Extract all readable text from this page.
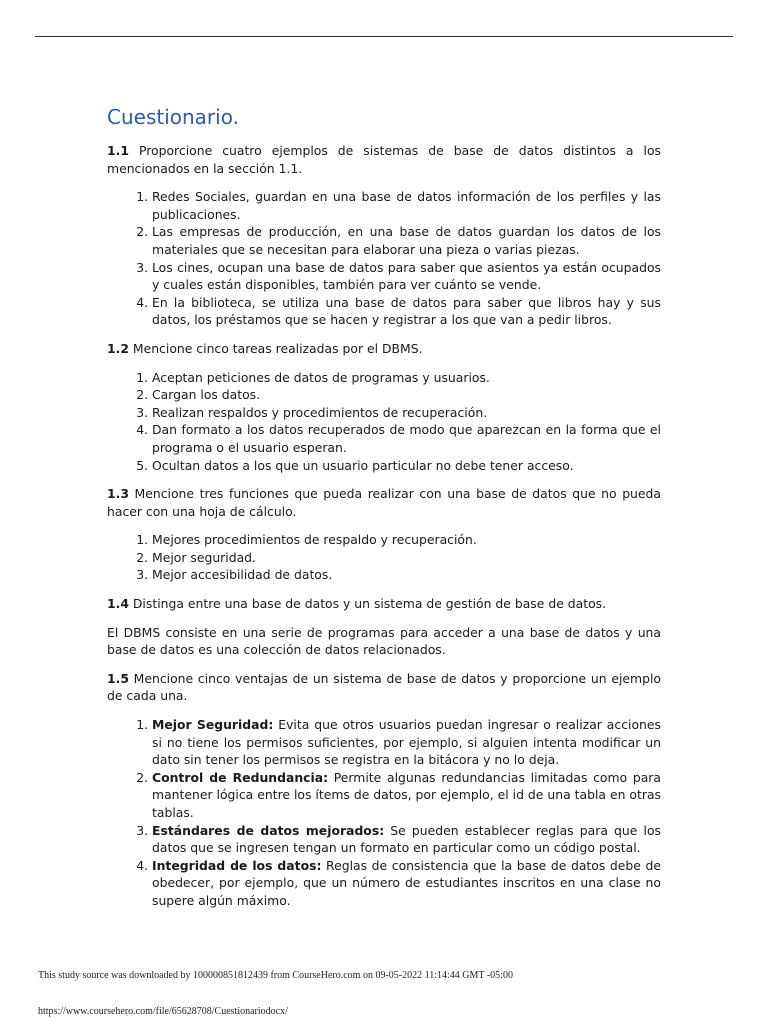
Cuestionario.

1.1 Proporcione cuatro ejemplos de sistemas de base de datos distintos a los mencionados en la sección 1.1.

1. Redes Sociales, guardan en una base de datos información de los perfiles y las publicaciones.
2. Las empresas de producción, en una base de datos guardan los datos de los materiales que se necesitan para elaborar una pieza o varias piezas.
3. Los cines, ocupan una base de datos para saber que asientos ya están ocupados y cuales están disponibles, también para ver cuánto se vende.
4. En la biblioteca, se utiliza una base de datos para saber que libros hay y sus datos, los préstamos que se hacen y registrar a los que van a pedir libros.

1.2 Mencione cinco tareas realizadas por el DBMS.

1. Aceptan peticiones de datos de programas y usuarios.
2. Cargan los datos.
3. Realizan respaldos y procedimientos de recuperación.
4. Dan formato a los datos recuperados de modo que aparezcan en la forma que el programa o el usuario esperan.
5. Ocultan datos a los que un usuario particular no debe tener acceso.

1.3 Mencione tres funciones que pueda realizar con una base de datos que no pueda hacer con una hoja de cálculo.

1. Mejores procedimientos de respaldo y recuperación.
2. Mejor seguridad.
3. Mejor accesibilidad de datos.

1.4 Distinga entre una base de datos y un sistema de gestión de base de datos.

El DBMS consiste en una serie de programas para acceder a una base de datos y una base de datos es una colección de datos relacionados.

1.5 Mencione cinco ventajas de un sistema de base de datos y proporcione un ejemplo de cada una.

1. Mejor Seguridad: Evita que otros usuarios puedan ingresar o realizar acciones si no tiene los permisos suficientes, por ejemplo, si alguien intenta modificar un dato sin tener los permisos se registra en la bitácora y no lo deja.
2. Control de Redundancia: Permite algunas redundancias limitadas como para mantener lógica entre los ítems de datos, por ejemplo, el id de una tabla en otras tablas.
3. Estándares de datos mejorados: Se pueden establecer reglas para que los datos que se ingresen tengan un formato en particular como un código postal.
4. Integridad de los datos: Reglas de consistencia que la base de datos debe de obedecer, por ejemplo, que un número de estudiantes inscritos en una clase no supere algún máximo.
This study source was downloaded by 100000851812439 from CourseHero.com on 09-05-2022 11:14:44 GMT -05:00
https://www.coursehero.com/file/65628708/Cuestionariodocx/
